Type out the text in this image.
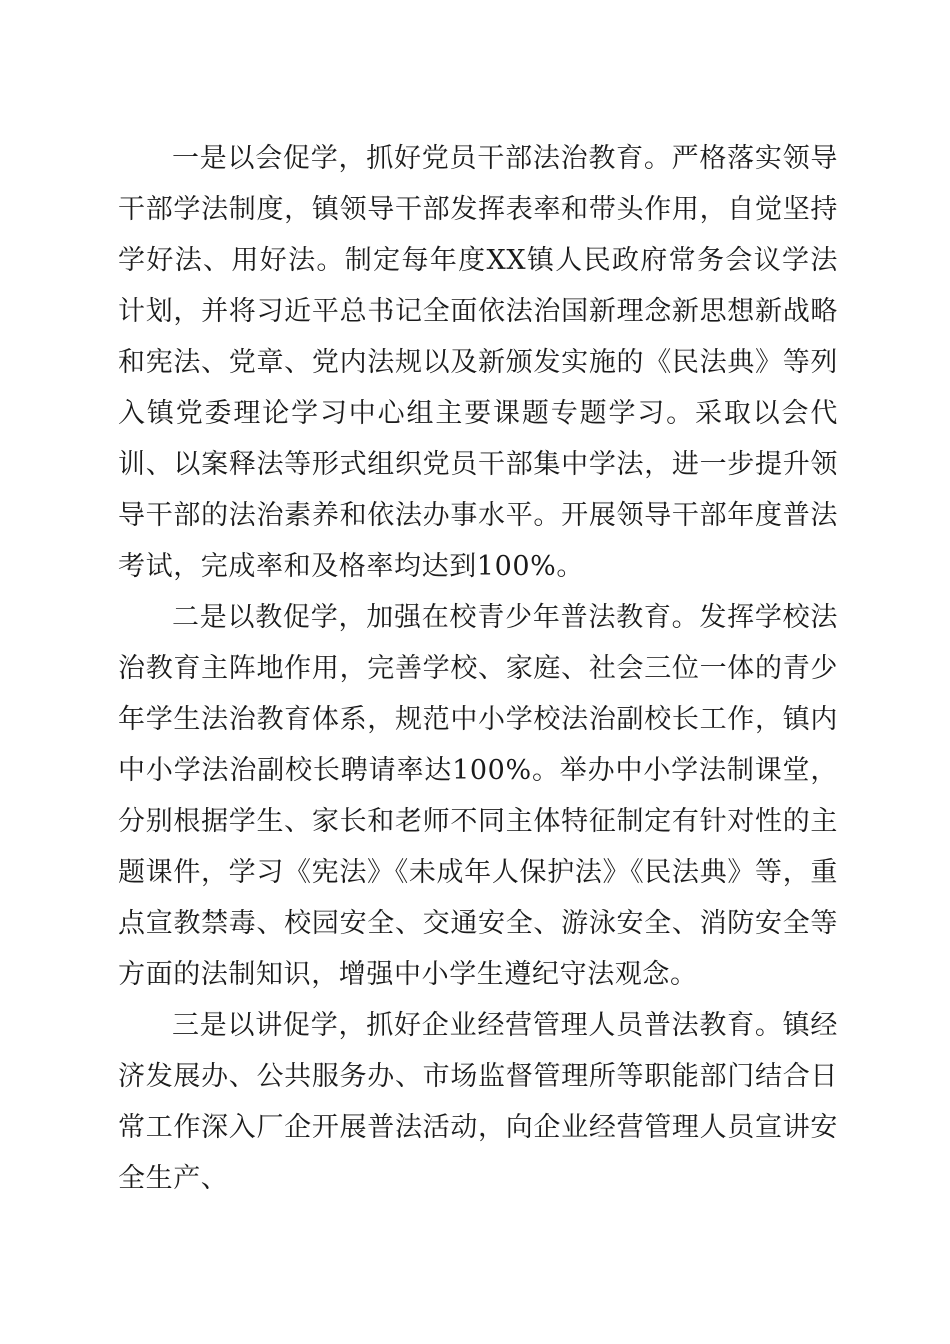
一是以会促学，抓好党员干部法治教育。严格落实领导干部学法制度，镇领导干部发挥表率和带头作用，自觉坚持学好法、用好法。制定每年度XX镇人民政府常务会议学法计划，并将习近平总书记全面依法治国新理念新思想新战略和宪法、党章、党内法规以及新颁发实施的《民法典》等列入镇党委理论学习中心组主要课题专题学习。采取以会代训、以案释法等形式组织党员干部集中学法，进一步提升领导干部的法治素养和依法办事水平。开展领导干部年度普法考试，完成率和及格率均达到100%。

二是以教促学，加强在校青少年普法教育。发挥学校法治教育主阵地作用，完善学校、家庭、社会三位一体的青少年学生法治教育体系，规范中小学校法治副校长工作，镇内中小学法治副校长聘请率达100%。举办中小学法制课堂，分别根据学生、家长和老师不同主体特征制定有针对性的主题课件，学习《宪法》《未成年人保护法》《民法典》等，重点宣教禁毒、校园安全、交通安全、游泳安全、消防安全等方面的法制知识，增强中小学生遵纪守法观念。

三是以讲促学，抓好企业经营管理人员普法教育。镇经济发展办、公共服务办、市场监督管理所等职能部门结合日常工作深入厂企开展普法活动，向企业经营管理人员宣讲安全生产、
